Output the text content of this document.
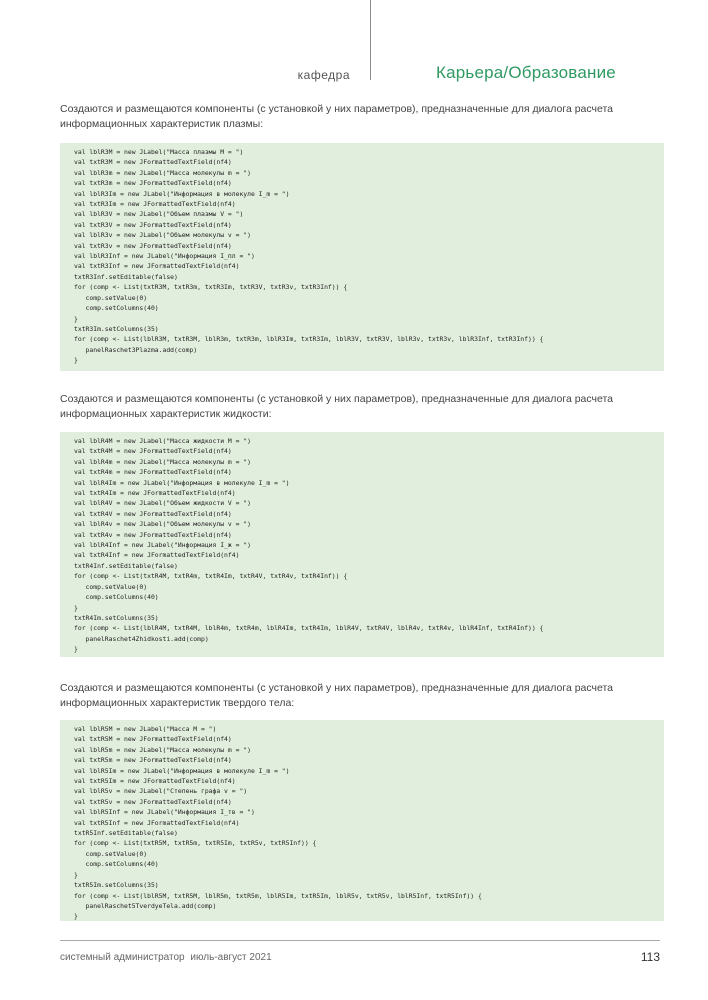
кафедра	Карьера/Образование

Создаются и размещаются компоненты (с установкой у них параметров), предназначенные для диалога расчета информационных характеристик плазмы:

val lblR3M = new JLabel("Масса плазмы M = ")
val txtR3M = new JFormattedTextField(nf4)
val lblR3m = new JLabel("Масса молекулы m = ")
val txtR3m = new JFormattedTextField(nf4)
val lblR3Im = new JLabel("Информация в молекуле I_m = ")
val txtR3Im = new JFormattedTextField(nf4)
val lblR3V = new JLabel("Объем плазмы V = ")
val txtR3V = new JFormattedTextField(nf4)
val lblR3v = new JLabel("Объем молекулы v = ")
val txtR3v = new JFormattedTextField(nf4)
val lblR3Inf = new JLabel("Информация I_пл = ")
val txtR3Inf = new JFormattedTextField(nf4)
txtR3Inf.setEditable(false)
for (comp <- List(txtR3M, txtR3m, txtR3Im, txtR3V, txtR3v, txtR3Inf)) {
comp.setValue(0)
comp.setColumns(40)
}
txtR3Im.setColumns(35)
for (comp <- List(lblR3M, txtR3M, lblR3m, txtR3m, lblR3Im, txtR3Im, lblR3V, txtR3V, lblR3v, txtR3v, lblR3Inf, txtR3Inf)) {
panelRaschet3Plazma.add(comp)
}

Создаются и размещаются компоненты (с установкой у них параметров), предназначенные для диалога расчета информационных характеристик жидкости:

val lblR4M = new JLabel("Масса жидкости M = ")
val txtR4M = new JFormattedTextField(nf4)
val lblR4m = new JLabel("Масса молекулы m = ")
val txtR4m = new JFormattedTextField(nf4)
val lblR4Im = new JLabel("Информация в молекуле I_m = ")
val txtR4Im = new JFormattedTextField(nf4)
val lblR4V = new JLabel("Объем жидкости V = ")
val txtR4V = new JFormattedTextField(nf4)
val lblR4v = new JLabel("Объем молекулы v = ")
val txtR4v = new JFormattedTextField(nf4)
val lblR4Inf = new JLabel("Информация I_ж = ")
val txtR4Inf = new JFormattedTextField(nf4)
txtR4Inf.setEditable(false)
for (comp <- List(txtR4M, txtR4m, txtR4Im, txtR4V, txtR4v, txtR4Inf)) {
comp.setValue(0)
comp.setColumns(40)
}
txtR4Im.setColumns(35)
for (comp <- List(lblR4M, txtR4M, lblR4m, txtR4m, lblR4Im, txtR4Im, lblR4V, txtR4V, lblR4v, txtR4v, lblR4Inf, txtR4Inf)) {
panelRaschet4Zhidkosti.add(comp)
}

Создаются и размещаются компоненты (с установкой у них параметров), предназначенные для диалога расчета информационных характеристик твердого тела:

val lblR5M = new JLabel("Масса M = ")
val txtR5M = new JFormattedTextField(nf4)
val lblR5m = new JLabel("Масса молекулы m = ")
val txtR5m = new JFormattedTextField(nf4)
val lblR5Im = new JLabel("Информация в молекуле I_m = ")
val txtR5Im = new JFormattedTextField(nf4)
val lblR5v = new JLabel("Степень графа v = ")
val txtR5v = new JFormattedTextField(nf4)
val lblR5Inf = new JLabel("Информация I_тв = ")
val txtR5Inf = new JFormattedTextField(nf4)
txtR5Inf.setEditable(false)
for (comp <- List(txtR5M, txtR5m, txtR5Im, txtR5v, txtR5Inf)) {
comp.setValue(0)
comp.setColumns(40)
}
txtR5Im.setColumns(35)
for (comp <- List(lblR5M, txtR5M, lblR5m, txtR5m, lblR5Im, txtR5Im, lblR5v, txtR5v, lblR5Inf, txtR5Inf)) {
panelRaschet5TverdyeTela.add(comp)
}
системный администратор июль-август 2021	113
